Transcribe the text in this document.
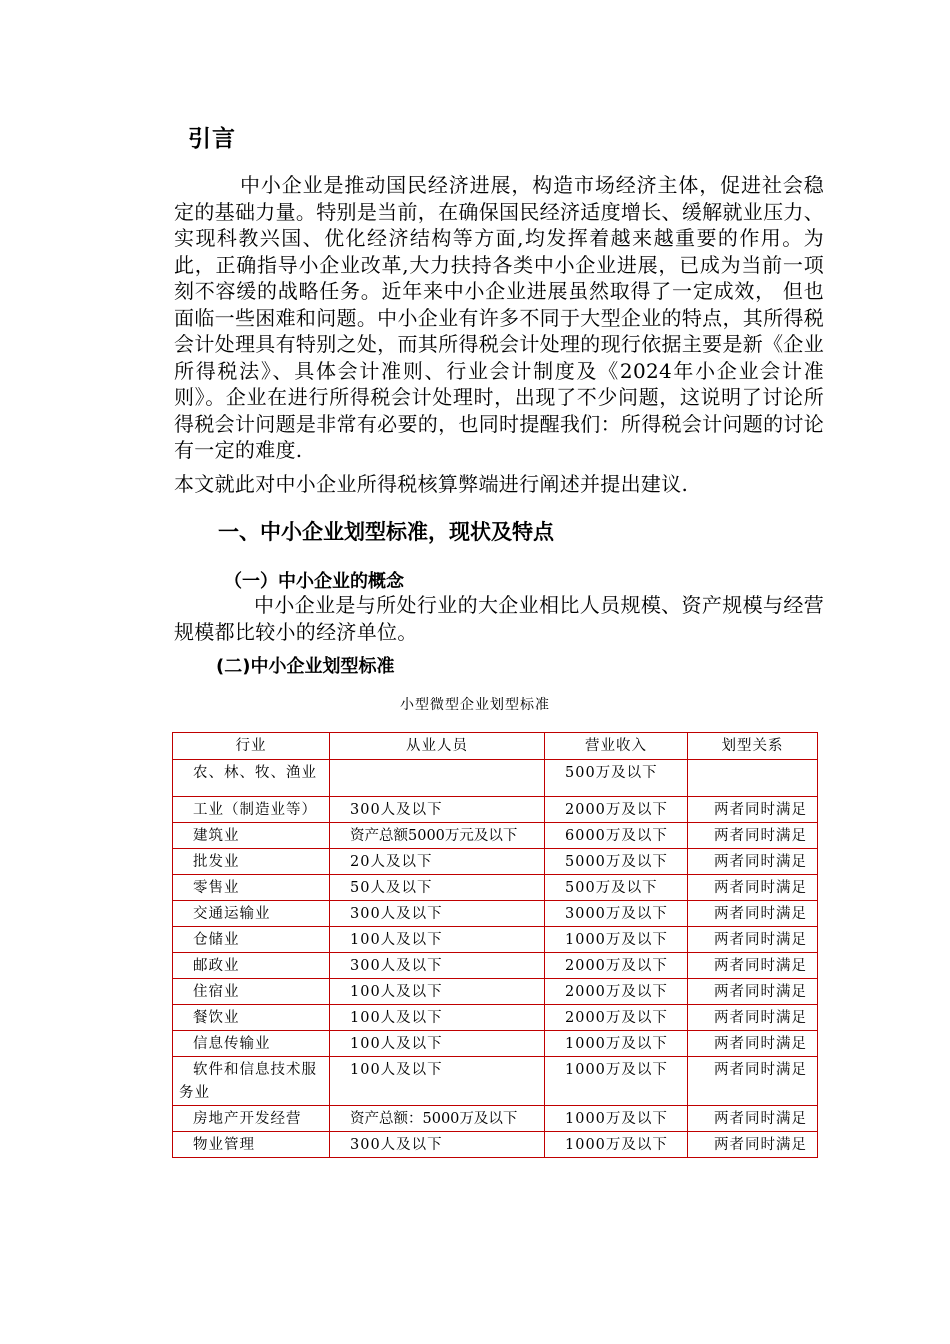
引言
中小企业是推动国民经济进展，构造市场经济主体，促进社会稳定的基础力量。特别是当前，在确保国民经济适度增长、缓解就业压力、实现科教兴国、优化经济结构等方面,均发挥着越来越重要的作用。为此，正确指导小企业改革,大力扶持各类中小企业进展，已成为当前一项刻不容缓的战略任务。近年来中小企业进展虽然取得了一定成效， 但也面临一些困难和问题。中小企业有许多不同于大型企业的特点，其所得税会计处理具有特别之处，而其所得税会计处理的现行依据主要是新《企业所得税法》、具体会计准则、行业会计制度及《2024年小企业会计准则》。企业在进行所得税会计处理时，出现了不少问题，这说明了讨论所得税会计问题是非常有必要的，也同时提醒我们：所得税会计问题的讨论有一定的难度.
本文就此对中小企业所得税核算弊端进行阐述并提出建议.
一、中小企业划型标准，现状及特点
（一）中小企业的概念
中小企业是与所处行业的大企业相比人员规模、资产规模与经营规模都比较小的经济单位。
(二)中小企业划型标准
小型微型企业划型标准
行业	从业人员	营业收入	划型关系
农、林、牧、渔业		500万及以下	
工业（制造业等）	300人及以下	2000万及以下	两者同时满足
建筑业	资产总额5000万元及以下	6000万及以下	两者同时满足
批发业	20人及以下	5000万及以下	两者同时满足
零售业	50人及以下	500万及以下	两者同时满足
交通运输业	300人及以下	3000万及以下	两者同时满足
仓储业	100人及以下	1000万及以下	两者同时满足
邮政业	300人及以下	2000万及以下	两者同时满足
住宿业	100人及以下	2000万及以下	两者同时满足
餐饮业	100人及以下	2000万及以下	两者同时满足
信息传输业	100人及以下	1000万及以下	两者同时满足
软件和信息技术服务业	100人及以下	1000万及以下	两者同时满足
房地产开发经营	资产总额：5000万及以下	1000万及以下	两者同时满足
物业管理	300人及以下	1000万及以下	两者同时满足
